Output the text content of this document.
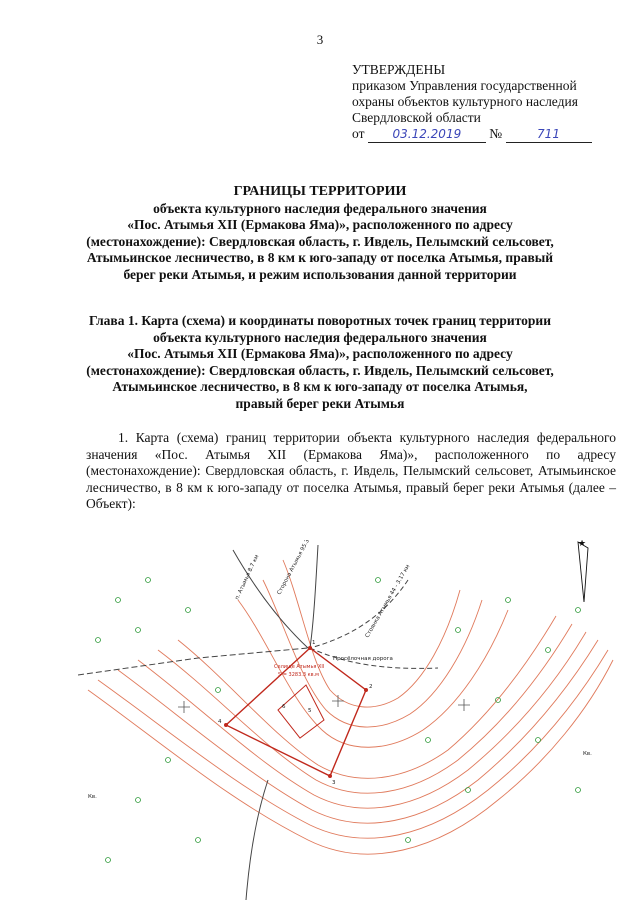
3
УТВЕРЖДЕНЫ
приказом Управления государственной
охраны объектов культурного наследия
Свердловской области
от 03.12.2019 №	711
ГРАНИЦЫ ТЕРРИТОРИИ
объекта культурного наследия федерального значения
«Пос. Атымья XII (Ермакова Яма)», расположенного по адресу
(местонахождение): Свердловская область, г. Ивдель, Пелымский сельсовет,
Атымьинское лесничество, в 8 км к юго-западу от поселка Атымья, правый
берег реки Атымья, и режим использования данной территории
Глава 1. Карта (схема) и координаты поворотных точек границ территории
объекта культурного наследия федерального значения
«Пос. Атымья XII (Ермакова Яма)», расположенного по адресу
(местонахождение): Свердловская область, г. Ивдель, Пелымский сельсовет,
Атымьинское лесничество, в 8 км к юго-западу от поселка Атымья,
правый берег реки Атымья
1. Карта (схема) границ территории объекта культурного наследия федерального значения «Пос. Атымья XII (Ермакова Яма)», расположенного по адресу (местонахождение): Свердловская область, г. Ивдель, Пелымский сельсовет, Атымьинское лесничество, в 8 км к юго-западу от поселка Атымья, правый берег реки Атымья (далее – Объект):
★
1
2
3
4
5
6
Просёлочная дорога
Кв.
Кв.
Селище Атымья XII
S = 3283.3 кв.м
п. Атымья 8.7 км	Сторона Атымья 95.3 км
Стоянка Атымья 44 - 3.17 км
